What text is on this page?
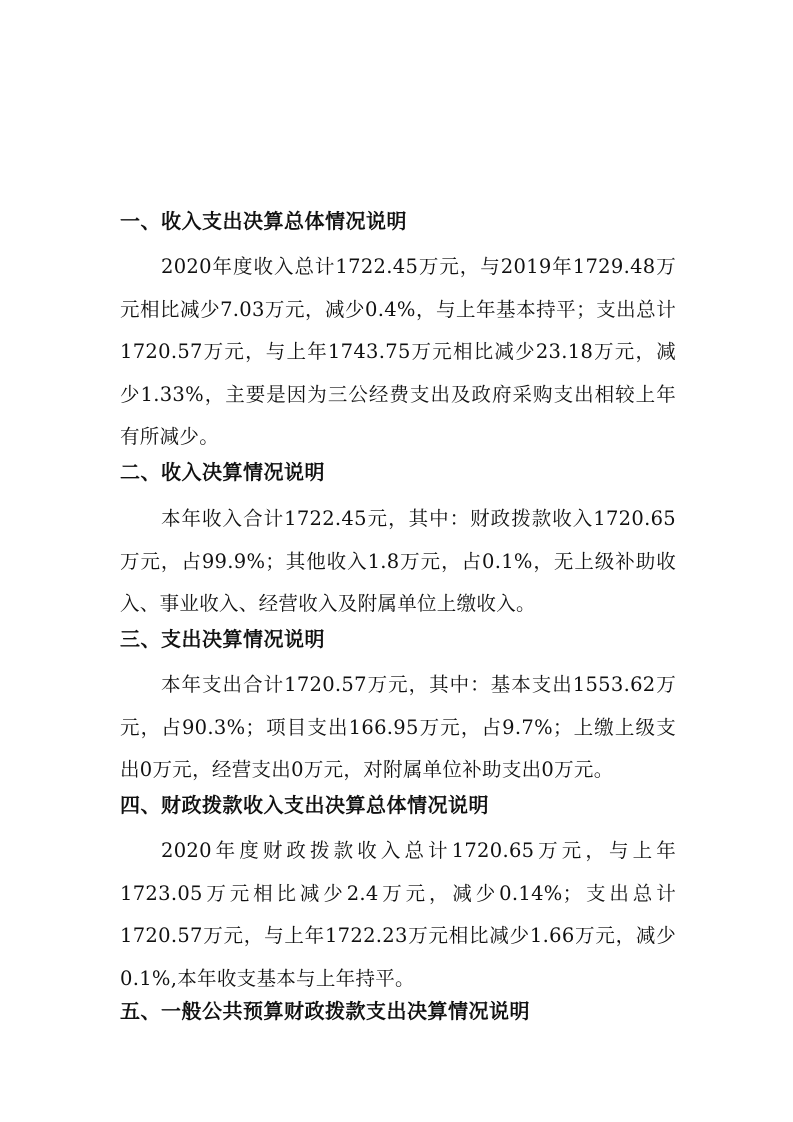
一、收入支出决算总体情况说明
2020年度收入总计1722.45万元，与2019年1729.48万元相比减少7.03万元，减少0.4%，与上年基本持平；支出总计1720.57万元，与上年1743.75万元相比减少23.18万元，减少1.33%，主要是因为三公经费支出及政府采购支出相较上年有所减少。
二、收入决算情况说明
本年收入合计1722.45元，其中：财政拨款收入1720.65万元，占99.9%；其他收入1.8万元，占0.1%，无上级补助收入、事业收入、经营收入及附属单位上缴收入。
三、支出决算情况说明
本年支出合计1720.57万元，其中：基本支出1553.62万元，占90.3%；项目支出166.95万元，占9.7%；上缴上级支出0万元，经营支出0万元，对附属单位补助支出0万元。
四、财政拨款收入支出决算总体情况说明
2020年度财政拨款收入总计1720.65万元，与上年1723.05万元相比减少2.4万元，减少0.14%；支出总计1720.57万元，与上年1722.23万元相比减少1.66万元，减少0.1%,本年收支基本与上年持平。
五、一般公共预算财政拨款支出决算情况说明
